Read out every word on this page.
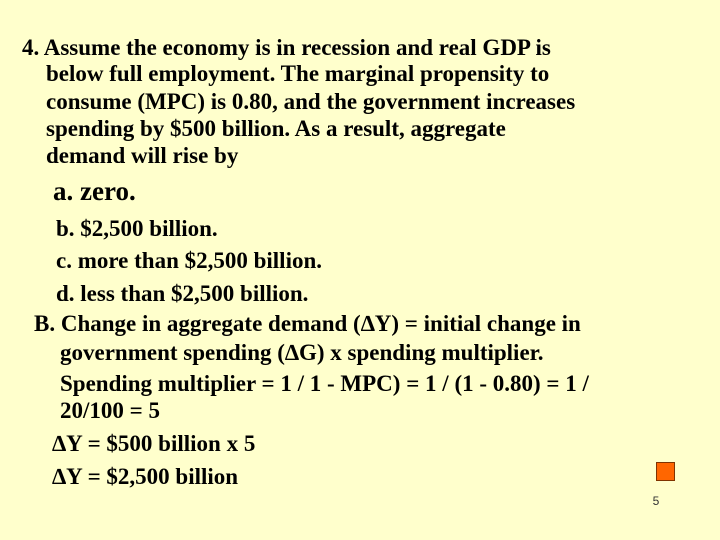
4. Assume the economy is in recession and real GDP is
below full employment. The marginal propensity to
consume (MPC) is 0.80, and the government increases
spending by $500 billion. As a result, aggregate
demand will rise by
a. zero.
b. $2,500 billion.
c. more than $2,500 billion.
d. less than $2,500 billion.
B. Change in aggregate demand (∆Y) = initial change in
government spending (∆G) x spending multiplier.
Spending multiplier = 1 / 1 - MPC) = 1 / (1 - 0.80) = 1 /
20/100 = 5
∆Y = $500 billion x 5
∆Y = $2,500 billion
5
